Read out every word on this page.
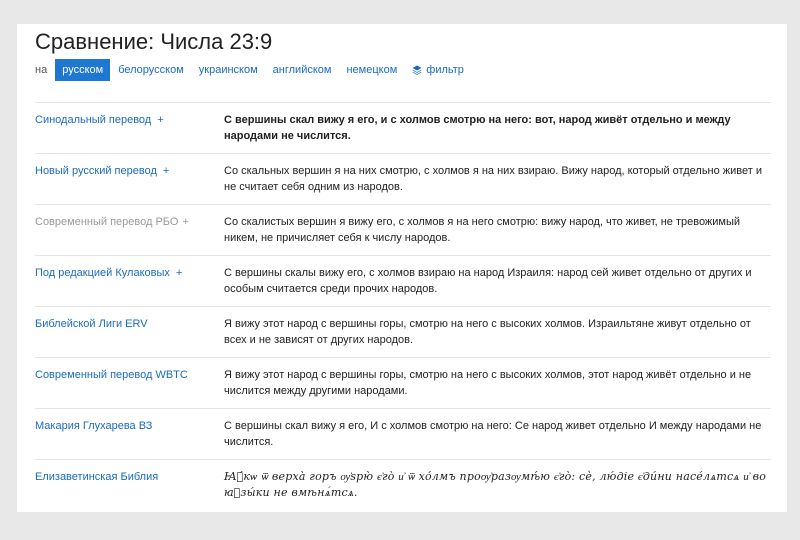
Сравнение: Числа 23:9
на	русском	белорусском украинском английском немецком	фильтр
Синодальный перевод +	С вершины скал вижу я его, и с холмов смотрю на него: вот, народ живёт отдельно и между народами не числится.
Новый русский перевод +	Со скальных вершин я на них смотрю, с холмов я на них взираю. Вижу народ, который отдельно живет и не считает себя одним из народов.
Современный перевод РБО +	Со скалистых вершин я вижу его, с холмов я на него смотрю: вижу народ, что живет, не тревожимый никем, не причисляет себя к числу народов.
Под редакцией Кулаковых +	С вершины скалы вижу его, с холмов взираю на народ Израиля: народ сей живет отдельно от других и особым считается среди прочих народов.
Библейской Лиги ERV	Я вижу этот народ с вершины горы, смотрю на него с высоких холмов. Израильтяне живут отдельно от всех и не зависят от других народов.
Современный перевод WBTC	Я вижу этот народ с вершины горы, смотрю на него с высоких холмов, этот народ живёт отдельно и не числится между другими народами.
Макария Глухарева ВЗ	С вершины скал вижу я его, И с холмов смотрю на него: Се народ живет отдельно И между народами не числится.
Елизаветинская Библия	Ꙗ҆́кѡ ѿ верха̀ горъ ѹ҆ѕрю̀ є҆го̀ и҆ ѿ хо́лмъ проѹ҆разѹмѣ́ю є҆го̀: сѐ, лю́діе є҆ди́ни насе́лѧтсѧ и҆ во ꙗ҆зы́ки не вмѣнѧ́тсѧ.
